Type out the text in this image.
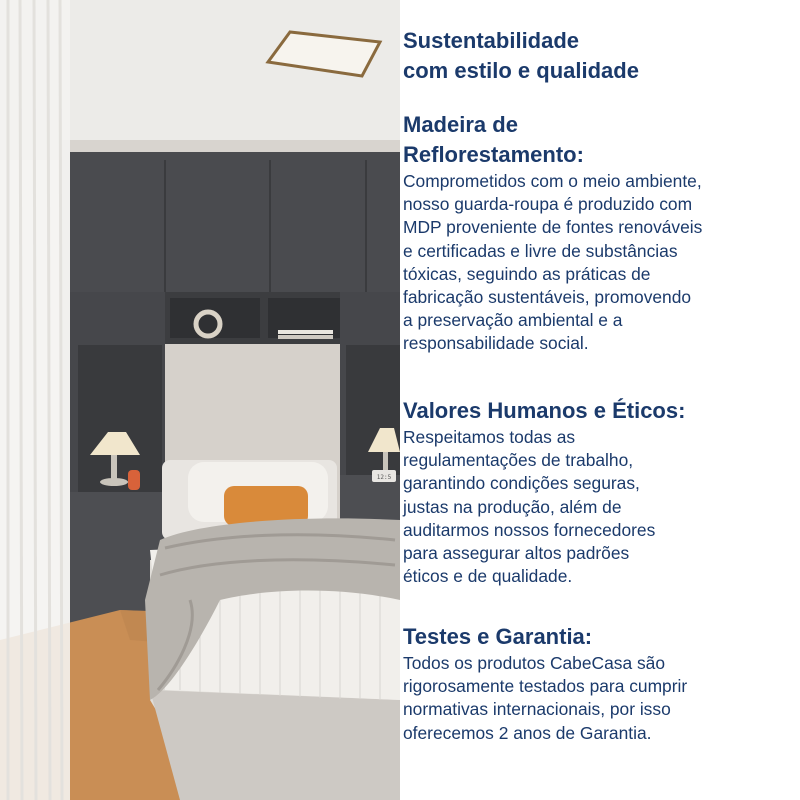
12:5
Sustentabilidade
com estilo e qualidade
Madeira de
Reflorestamento:

Comprometidos com o meio ambiente,
nosso guarda-roupa é produzido com
MDP proveniente de fontes renováveis
e certificadas e livre de substâncias
tóxicas, seguindo as práticas de
fabricação sustentáveis, promovendo
a preservação ambiental e a
responsabilidade social.

Valores Humanos e Éticos:

Respeitamos todas as
regulamentações de trabalho,
garantindo condições seguras,
justas na produção, além de
auditarmos nossos fornecedores
para assegurar altos padrões
éticos e de qualidade.

Testes e Garantia:

Todos os produtos CabeCasa são
rigorosamente testados para cumprir
normativas internacionais, por isso
oferecemos 2 anos de Garantia.
